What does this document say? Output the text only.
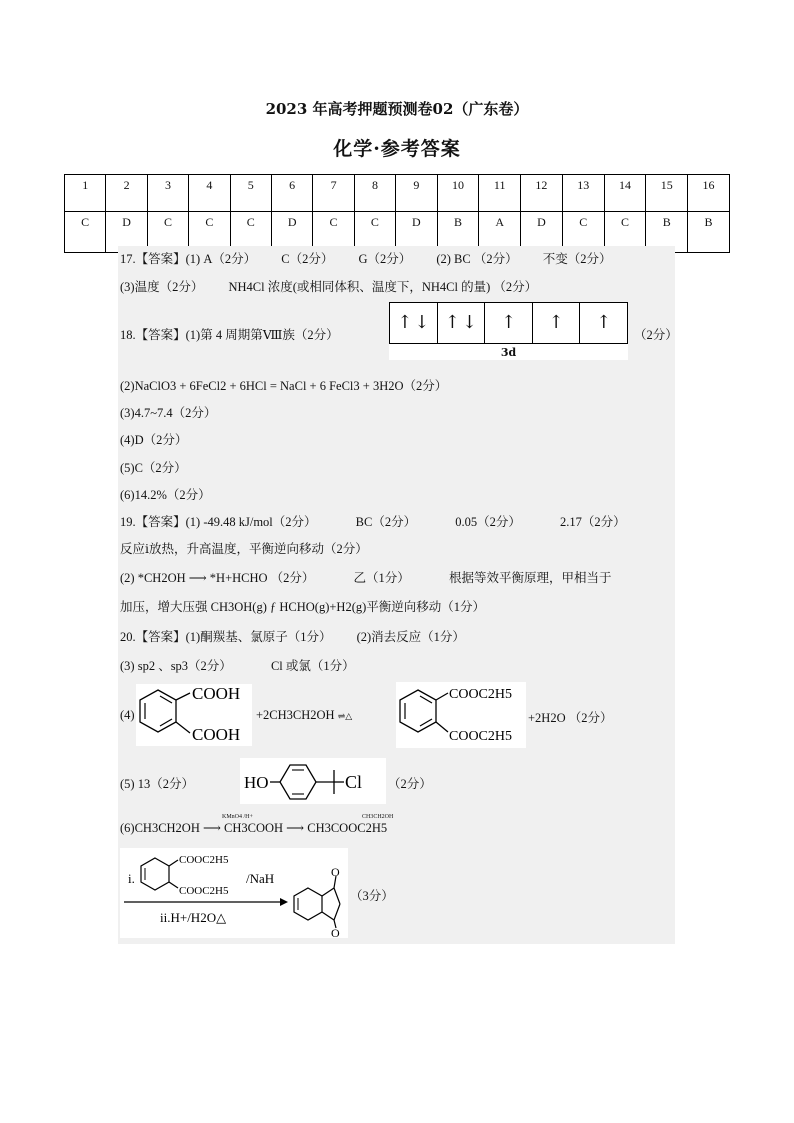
2023 年高考押题预测卷02（广东卷）
化学·参考答案
1	2	3	4	5	6	7	8	9	10	11	12	13	14	15	16
C	D	C	C	C	D	C	C	D	B	A	D	C	C	B	B
17.【答案】(1) A（2分） C（2分） G（2分） (2) BC （2分） 不变（2分）
(3)温度（2分） NH4Cl 浓度(或相同体积、温度下，NH4Cl 的量) （2分）
18.【答案】(1)第 4 周期第Ⅷ族（2分）
↑ ↓ ↑ ↓ ↑ ↑ ↑
3d
（2分）
(2)NaClO3 + 6FeCl2 + 6HCl = NaCl + 6 FeCl3 + 3H2O（2分）
(3)4.7~7.4（2分）
(4)D（2分）
(5)C（2分）
(6)14.2%（2分）
19.【答案】(1) -49.48 kJ/mol（2分）	BC（2分）	0.05（2分）	2.17（2分）
反应ⅰ放热，升高温度，平衡逆向移动（2分）
(2) *CH2OH ⟶ *H+HCHO （2分）	乙（1分）	根据等效平衡原理，甲相当于
加压，增大压强 CH3OH(g) ƒ HCHO(g)+H2(g)平衡逆向移动（1分）
20.【答案】(1)酮羰基、氯原子（1分） (2)消去反应（1分）
(3) sp2 、sp3（2分）	Cl 或氯（1分）
(4)
COOH
COOH
+2CH3CH2OH ⇌△
COOC2H5
COOC2H5
+2H2O （2分）
(5) 13（2分）	HO	Cl （2分）
(6)CH3CH2OH ⟶ CH3COOH ⟶ CH3COOC2H5
KMnO4 /H+	CH3CH2OH
i.
COOC2H5
COOC2H5
/NaH
ii.H+/H2O△
O
O
（3分）
